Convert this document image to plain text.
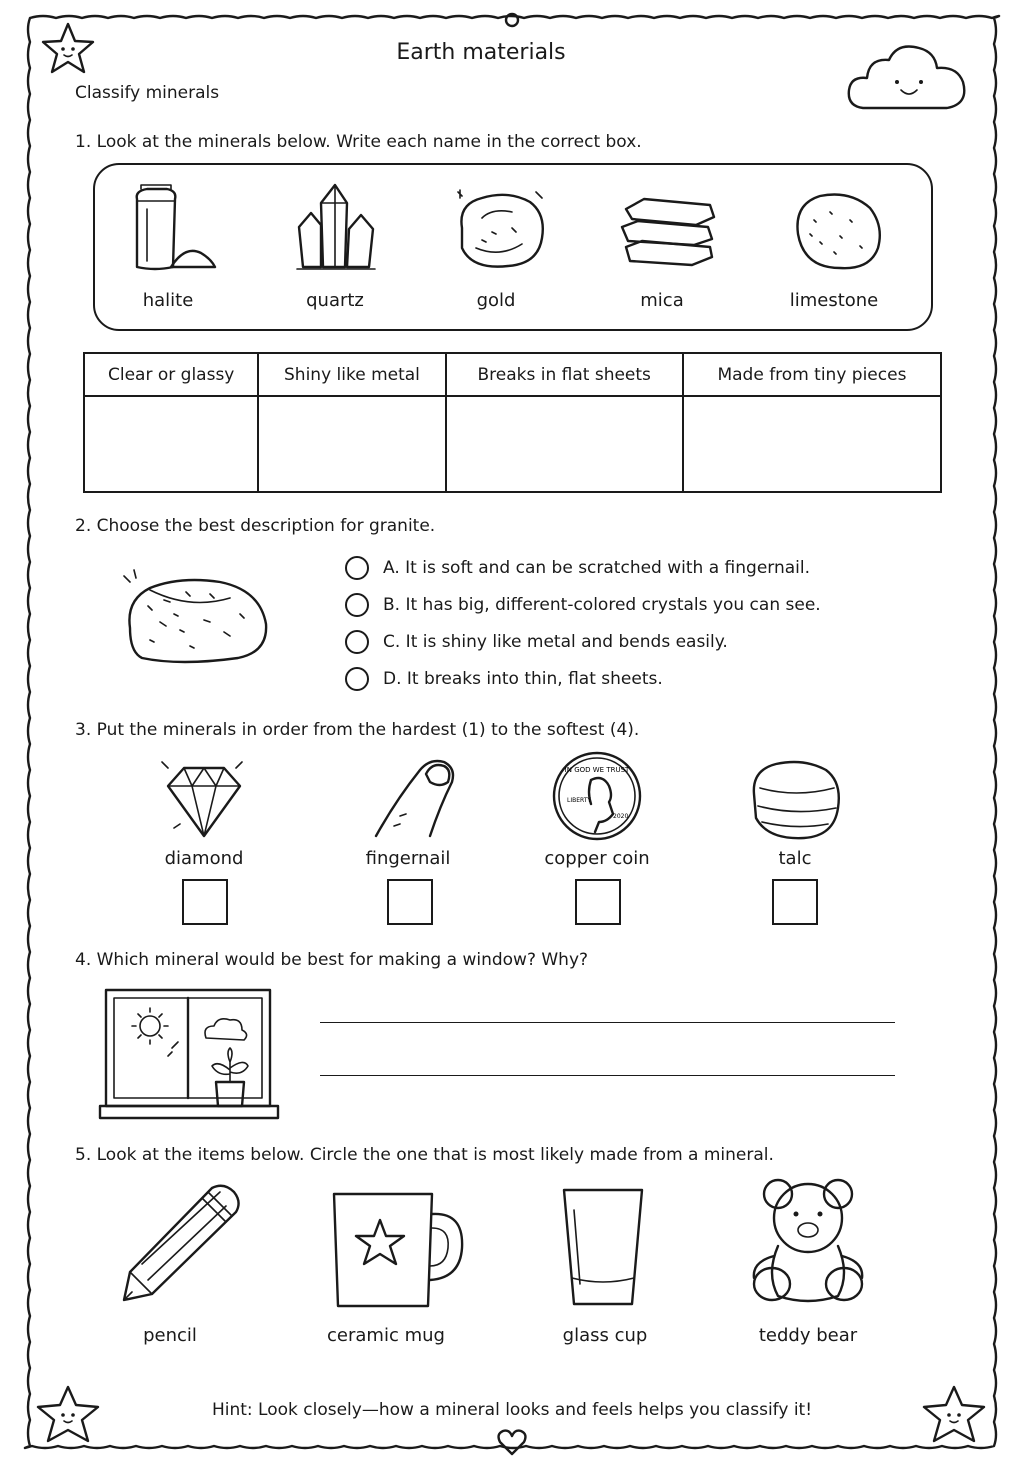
Earth materials
Classify minerals
1. Look at the minerals below. Write each name in the correct box.
halite	quartz	gold	mica	limestone
Clear or glassy	Shiny like metal	Breaks in flat sheets	Made from tiny pieces

2. Choose the best description for granite.
A. It is soft and can be scratched with a fingernail.
B. It has big, different-colored crystals you can see.
C. It is shiny like metal and bends easily.
D. It breaks into thin, flat sheets.
3. Put the minerals in order from the hardest (1) to the softest (4).
diamond	fingernail
IN GOD WE TRUST
LIBERTY
2020
copper coin	talc
4. Which mineral would be best for making a window? Why?
5. Look at the items below. Circle the one that is most likely made from a mineral.
pencil	ceramic mug	glass cup	teddy bear
Hint: Look closely—how a mineral looks and feels helps you classify it!
